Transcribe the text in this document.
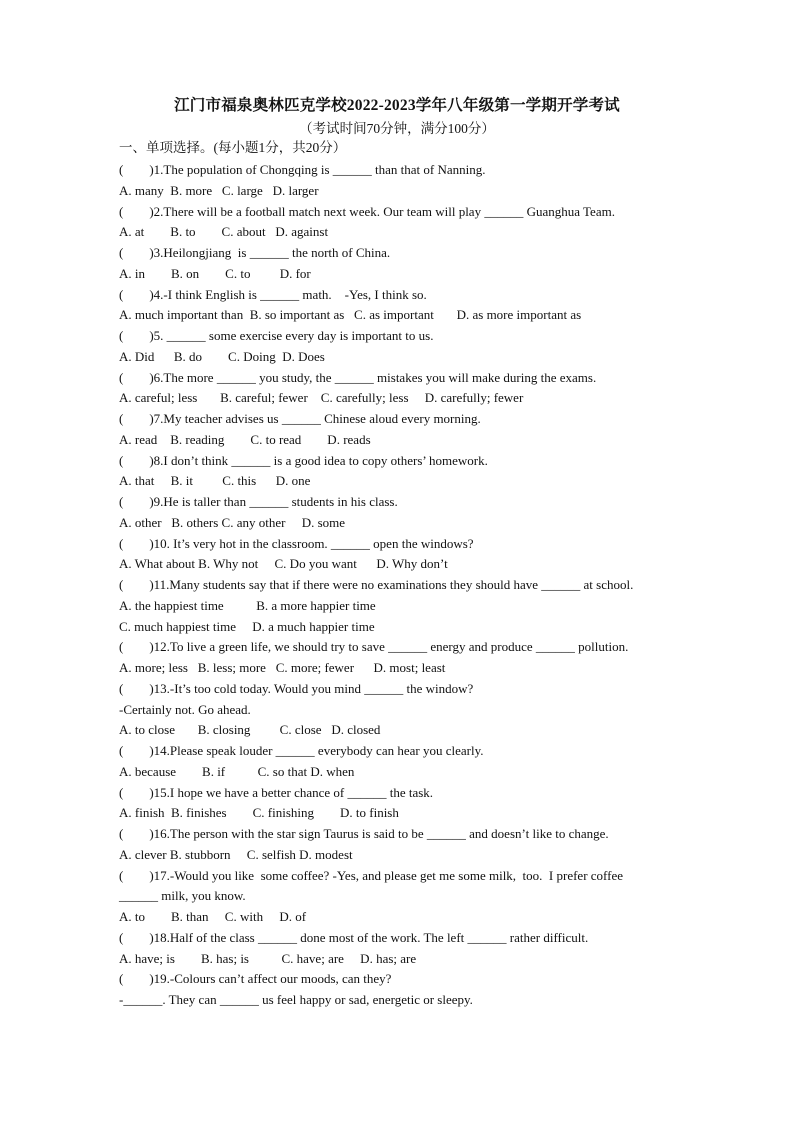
江门市福泉奥林匹克学校2022-2023学年八年级第一学期开学考试
（考试时间70分钟，满分100分）
一、单项选择。(每小题1分，共20分）
(        )1.The population of Chongqing is ______ than that of Nanning.
A. many  B. more   C. large   D. larger
(        )2.There will be a football match next week. Our team will play ______ Guanghua Team.
A. at        B. to        C. about   D. against
(        )3.Heilongjiang  is ______ the north of China.
A. in        B. on        C. to         D. for
(        )4.-I think English is ______ math.    -Yes, I think so.
A. much important than  B. so important as   C. as important       D. as more important as
(        )5. ______ some exercise every day is important to us.
A. Did      B. do        C. Doing  D. Does
(        )6.The more ______ you study, the ______ mistakes you will make during the exams.
A. careful; less       B. careful; fewer    C. carefully; less     D. carefully; fewer
(        )7.My teacher advises us ______ Chinese aloud every morning.
A. read    B. reading        C. to read        D. reads
(        )8.I don’t think ______ is a good idea to copy others’ homework.
A. that     B. it         C. this      D. one
(        )9.He is taller than ______ students in his class.
A. other   B. others C. any other     D. some
(        )10. It’s very hot in the classroom. ______ open the windows?
A. What about B. Why not     C. Do you want      D. Why don’t
(        )11.Many students say that if there were no examinations they should have ______ at school.
A. the happiest time          B. a more happier time
C. much happiest time     D. a much happier time
(        )12.To live a green life, we should try to save ______ energy and produce ______ pollution.
A. more; less   B. less; more   C. more; fewer      D. most; least
(        )13.-It’s too cold today. Would you mind ______ the window?
-Certainly not. Go ahead.
A. to close       B. closing         C. close   D. closed
(        )14.Please speak louder ______ everybody can hear you clearly.
A. because        B. if          C. so that D. when
(        )15.I hope we have a better chance of ______ the task.
A. finish  B. finishes        C. finishing        D. to finish
(        )16.The person with the star sign Taurus is said to be ______ and doesn’t like to change.
A. clever B. stubborn     C. selfish D. modest
(        )17.-Would you like  some coffee? -Yes, and please get me some milk,  too.  I prefer coffee
______ milk, you know.
A. to        B. than     C. with     D. of
(        )18.Half of the class ______ done most of the work. The left ______ rather difficult.
A. have; is        B. has; is          C. have; are     D. has; are
(        )19.-Colours can’t affect our moods, can they?
-______. They can ______ us feel happy or sad, energetic or sleepy.
